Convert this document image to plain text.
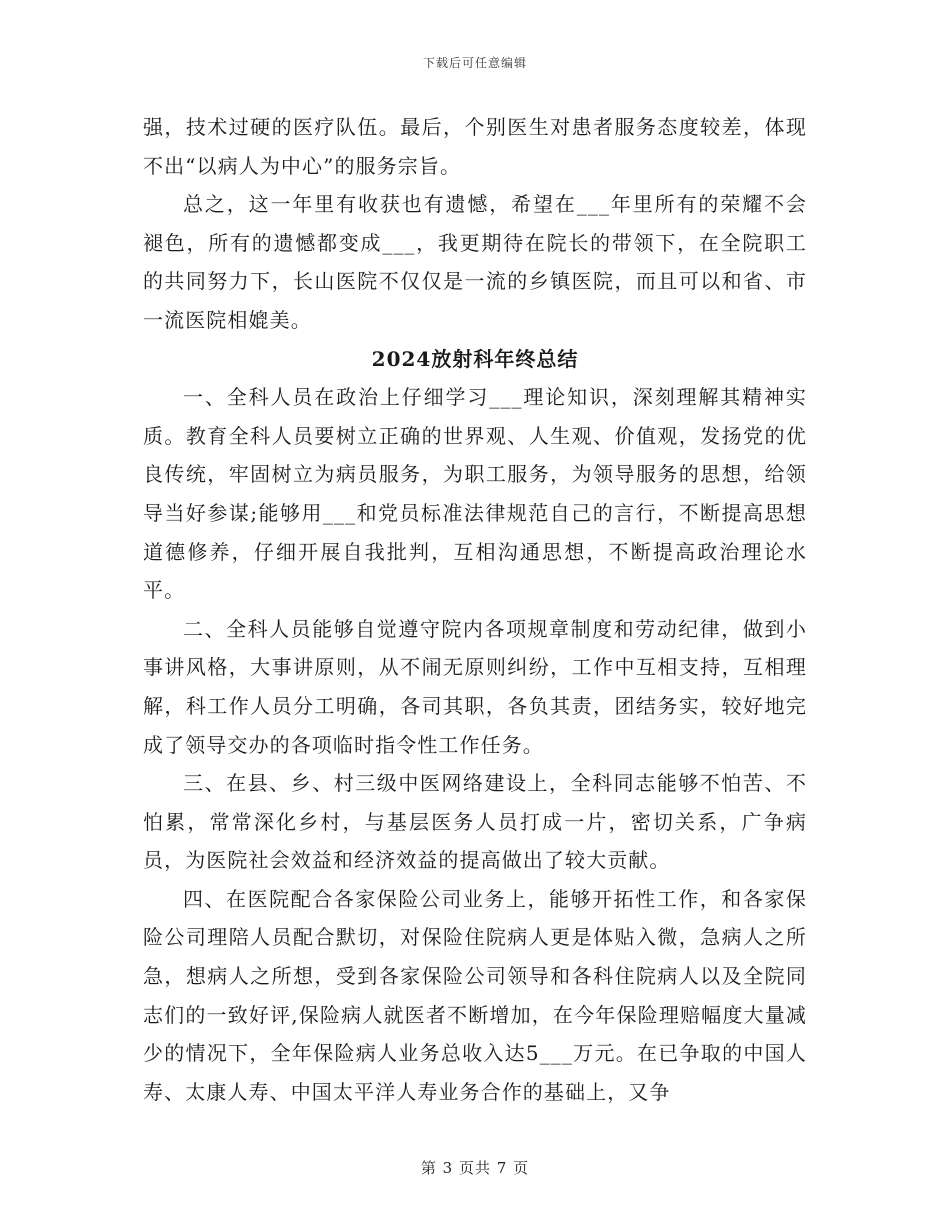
下载后可任意编辑

强，技术过硬的医疗队伍。最后，个别医生对患者服务态度较差，体现不出“以病人为中心”的服务宗旨。

总之，这一年里有收获也有遗憾，希望在___年里所有的荣耀不会褪色，所有的遗憾都变成___，我更期待在院长的带领下，在全院职工的共同努力下，长山医院不仅仅是一流的乡镇医院，而且可以和省、市一流医院相媲美。

2024放射科年终总结

一、全科人员在政治上仔细学习___理论知识，深刻理解其精神实质。教育全科人员要树立正确的世界观、人生观、价值观，发扬党的优良传统，牢固树立为病员服务，为职工服务，为领导服务的思想，给领导当好参谋;能够用___和党员标准法律规范自己的言行，不断提高思想道德修养，仔细开展自我批判，互相沟通思想，不断提高政治理论水平。

二、全科人员能够自觉遵守院内各项规章制度和劳动纪律，做到小事讲风格，大事讲原则，从不闹无原则纠纷，工作中互相支持，互相理解，科工作人员分工明确，各司其职，各负其责，团结务实，较好地完成了领导交办的各项临时指令性工作任务。

三、在县、乡、村三级中医网络建设上，全科同志能够不怕苦、不怕累，常常深化乡村，与基层医务人员打成一片，密切关系，广争病员，为医院社会效益和经济效益的提高做出了较大贡献。

四、在医院配合各家保险公司业务上，能够开拓性工作，和各家保险公司理陪人员配合默切，对保险住院病人更是体贴入微，急病人之所急，想病人之所想，受到各家保险公司领导和各科住院病人以及全院同志们的一致好评,保险病人就医者不断增加，在今年保险理赔幅度大量减少的情况下，全年保险病人业务总收入达5___万元。在已争取的中国人寿、太康人寿、中国太平洋人寿业务合作的基础上，又争

第 3 页共 7 页
